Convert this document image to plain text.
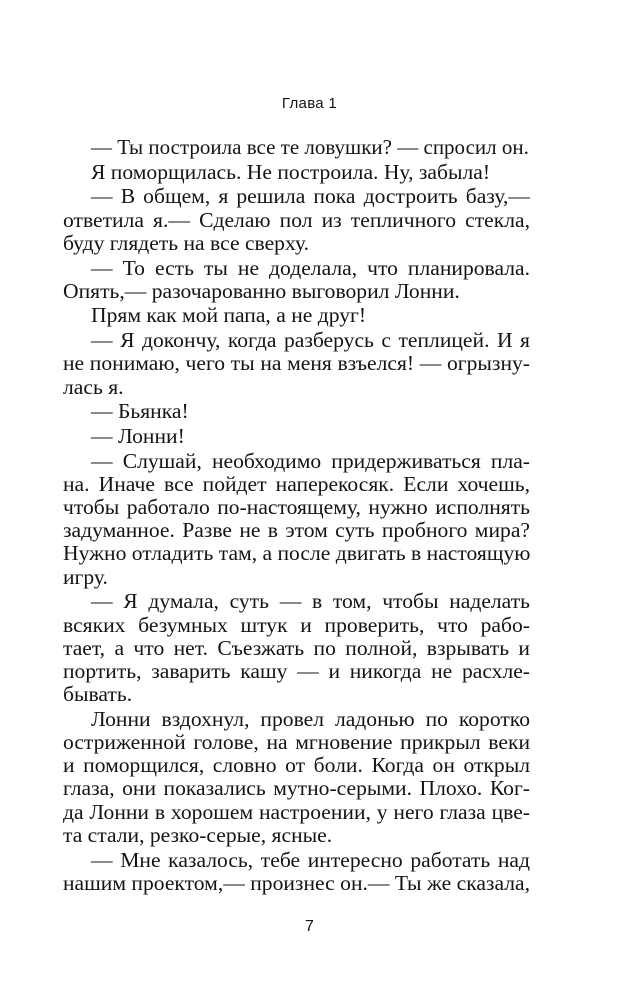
Глава 1
— Ты построила все те ловушки? — спросил он.
Я поморщилась. Не построила. Ну, забыла!
— В общем, я решила пока достроить базу,—
ответила я.— Сделаю пол из тепличного стекла,
буду глядеть на все сверху.
— То есть ты не доделала, что планировала.
Опять,— разочарованно выговорил Лонни.
Прям как мой папа, а не друг!
— Я докончу, когда разберусь с теплицей. И я
не понимаю, чего ты на меня взъелся! — огрызну-
лась я.
— Бьянка!
— Лонни!
— Слушай, необходимо придерживаться пла-
на. Иначе все пойдет наперекосяк. Если хочешь,
чтобы работало по-настоящему, нужно исполнять
задуманное. Разве не в этом суть пробного мира?
Нужно отладить там, а после двигать в настоящую
игру.
— Я думала, суть — в том, чтобы наделать
всяких безумных штук и проверить, что рабо-
тает, а что нет. Съезжать по полной, взрывать и
портить, заварить кашу — и никогда не расхле-
бывать.
Лонни вздохнул, провел ладонью по коротко
остриженной голове, на мгновение прикрыл веки
и поморщился, словно от боли. Когда он открыл
глаза, они показались мутно-серыми. Плохо. Ког-
да Лонни в хорошем настроении, у него глаза цве-
та стали, резко-серые, ясные.
— Мне казалось, тебе интересно работать над
нашим проектом,— произнес он.— Ты же сказала,
7
